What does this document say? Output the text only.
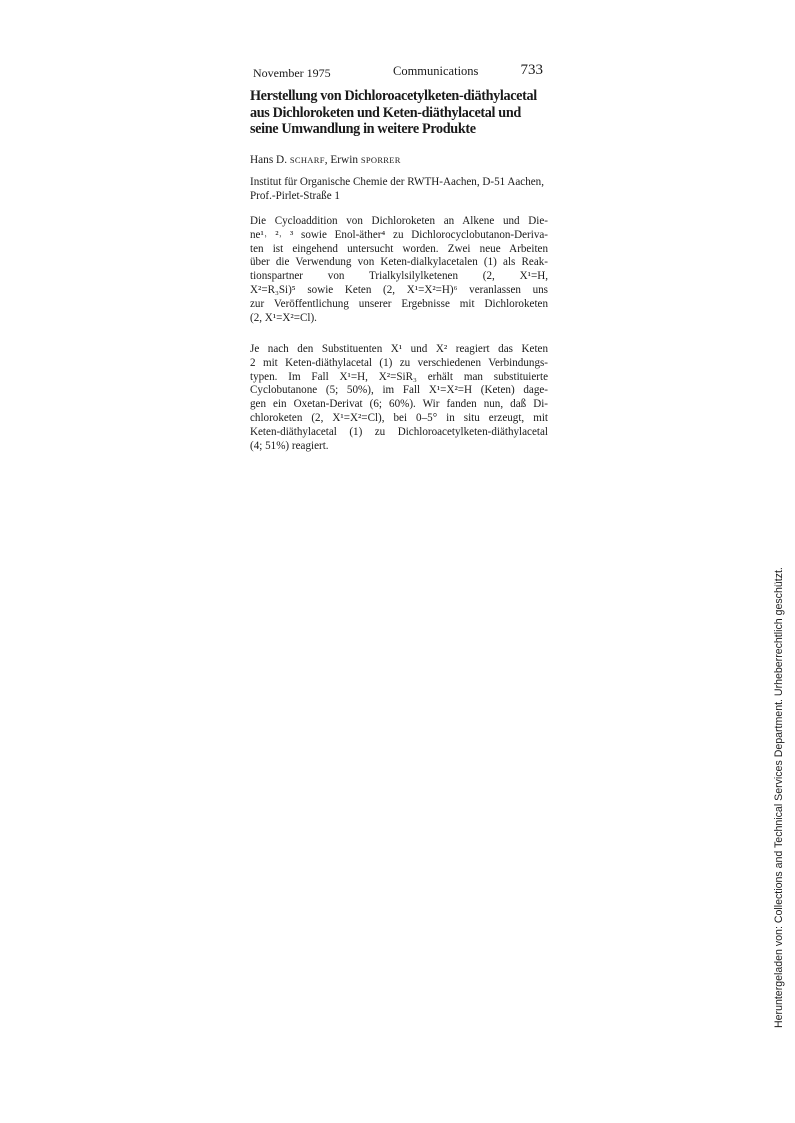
November 1975	Communications	733
Herstellung von Dichloroacetylketen-diäthylacetal aus Dichloroketen und Keten-diäthylacetal und seine Umwandlung in weitere Produkte
Hans D. SCHARF, Erwin SPORRER
Institut für Organische Chemie der RWTH-Aachen, D-51 Aachen,
Prof.-Pirlet-Straße 1
Die Cycloaddition von Dichloroketen an Alkene und Die-
ne¹˒ ²˒ ³ sowie Enol-äther⁴ zu Dichlorocyclobutanon-Deriva-
ten ist eingehend untersucht worden. Zwei neue Arbeiten
über die Verwendung von Keten-dialkylacetalen (1) als Reak-
tionspartner von Trialkylsilylketenen (2, X¹=H,
X²=R₃Si)⁵ sowie Keten (2, X¹=X²=H)⁶ veranlassen uns
zur Veröffentlichung unserer Ergebnisse mit Dichloroketen
(2, X¹=X²=Cl).
Je nach den Substituenten X¹ und X² reagiert das Keten
2 mit Keten-diäthylacetal (1) zu verschiedenen Verbindungs-
typen. Im Fall X¹=H, X²=SiR₃ erhält man substituierte
Cyclobutanone (5; 50%), im Fall X¹=X²=H (Keten) dage-
gen ein Oxetan-Derivat (6; 60%). Wir fanden nun, daß Di-
chloroketen (2, X¹=X²=Cl), bei 0–5° in situ erzeugt, mit
Keten-diäthylacetal (1) zu Dichloroacetylketen-diäthylacetal
(4; 51%) reagiert.
Heruntergeladen von: Collections and Technical Services Department. Urheberrechtlich geschützt.
